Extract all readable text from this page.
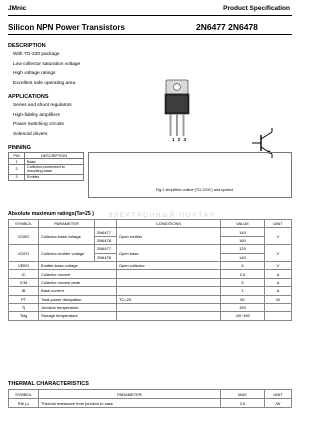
JMnic	Product Specification
Silicon NPN Power Transistors	2N6477 2N6478
DESCRIPTION
With TO-220 package
Low collector saturation voltage
High voltage ratings
Excellent safe operating area
APPLICATIONS
Series and shunt regulators
High-fidelity amplifiers
Power switching circuits
Solenoid drivers
1 2 3
PINNING
PIN	DESCRIPTION
1	Base
2	Collector;connected to mounting base
3	Emitter
Fig.1 simplified outline (TO-220C) and symbol
Absolute maximum ratings(Ta=25 ) ЭЛЕКТРОННЫЙ ПОРТАЛ
SYMBOL	PARAMETER		CONDITIONS	VALUE	UNIT
VCBO	Collector-base voltage	2N6477	Open emitter	140	V
		2N6478		160	
VCEO	Collector-emitter voltage	2N6477	Open base	120	V
		2N6478		140	
VEBO	Emitter-base voltage		Open collector	5	V
IC	Collector current			2.5	A
ICM	Collector current peak			5	A
IB	Base current			1	A
PT	Total power dissipation		TC=25	50	W
Tj	Junction temperature			150	
Tstg	Storage temperature			-65~150	
THERMAL CHARACTERISTICS
SYMBOL	PARAMETER	MAX	UNIT
Rth j-c	Thermal resistance from junction to case	2.5	/W
